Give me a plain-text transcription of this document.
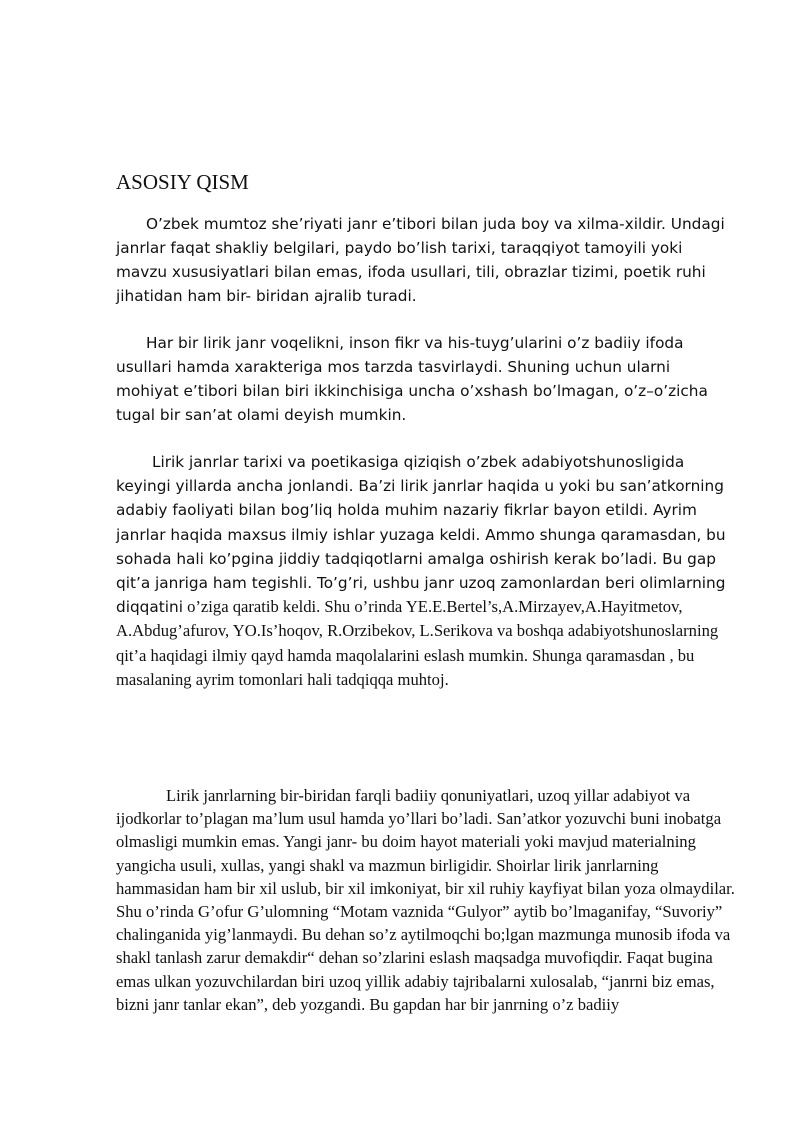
ASOSIY QISM

O’zbek mumtoz she’riyati janr e’tibori bilan juda boy va xilma-xildir. Undagi janrlar faqat shakliy belgilari, paydo bo’lish tarixi, taraqqiyot tamoyili yoki mavzu xususiyatlari bilan emas, ifoda usullari, tili, obrazlar tizimi, poetik ruhi jihatidan ham bir- biridan ajralib turadi.

Har bir lirik janr voqelikni, inson fikr va his-tuyg’ularini o’z badiiy ifoda usullari hamda xarakteriga mos tarzda tasvirlaydi. Shuning uchun ularni mohiyat e’tibori bilan biri ikkinchisiga uncha o’xshash bo’lmagan, o’z–o’zicha tugal bir san’at olami deyish mumkin.

Lirik janrlar tarixi va poetikasiga qiziqish o’zbek adabiyotshunosligida keyingi yillarda ancha jonlandi. Ba’zi lirik janrlar haqida u yoki bu san’atkorning adabiy faoliyati bilan bog’liq holda muhim nazariy fikrlar bayon etildi. Ayrim janrlar haqida maxsus ilmiy ishlar yuzaga keldi. Ammo shunga qaramasdan, bu sohada hali ko’pgina jiddiy tadqiqotlarni amalga oshirish kerak bo’ladi. Bu gap qit’a janriga ham tegishli. To’g’ri, ushbu janr uzoq zamonlardan beri olimlarning diqqatini o’ziga qaratib keldi. Shu o’rinda YE.E.Bertel’s,A.Mirzayev,A.Hayitmetov, A.Abdug’afurov, YO.Is’hoqov, R.Orzibekov, L.Serikova va boshqa adabiyotshunoslarning qit’a haqidagi ilmiy qayd hamda maqolalarini eslash mumkin. Shunga qaramasdan , bu masalaning ayrim tomonlari hali tadqiqqa muhtoj.

Lirik janrlarning bir-biridan farqli badiiy qonuniyatlari, uzoq yillar adabiyot va ijodkorlar to’plagan ma’lum usul hamda yo’llari bo’ladi. San’atkor yozuvchi buni inobatga olmasligi mumkin emas. Yangi janr- bu doim hayot materiali yoki mavjud materialning yangicha usuli, xullas, yangi shakl va mazmun birligidir. Shoirlar lirik janrlarning hammasidan ham bir xil uslub, bir xil imkoniyat, bir xil ruhiy kayfiyat bilan yoza olmaydilar. Shu o’rinda G’ofur G’ulomning “Motam vaznida “Gulyor” aytib bo’lmaganifay, “Suvoriy” chalinganida yig’lanmaydi. Bu dehan so’z aytilmoqchi bo;lgan mazmunga munosib ifoda va shakl tanlash zarur demakdir“ dehan so’zlarini eslash maqsadga muvofiqdir. Faqat bugina emas ulkan yozuvchilardan biri uzoq yillik adabiy tajribalarni xulosalab, “janrni biz emas, bizni janr tanlar ekan”, deb yozgandi. Bu gapdan har bir janrning o’z badiiy
